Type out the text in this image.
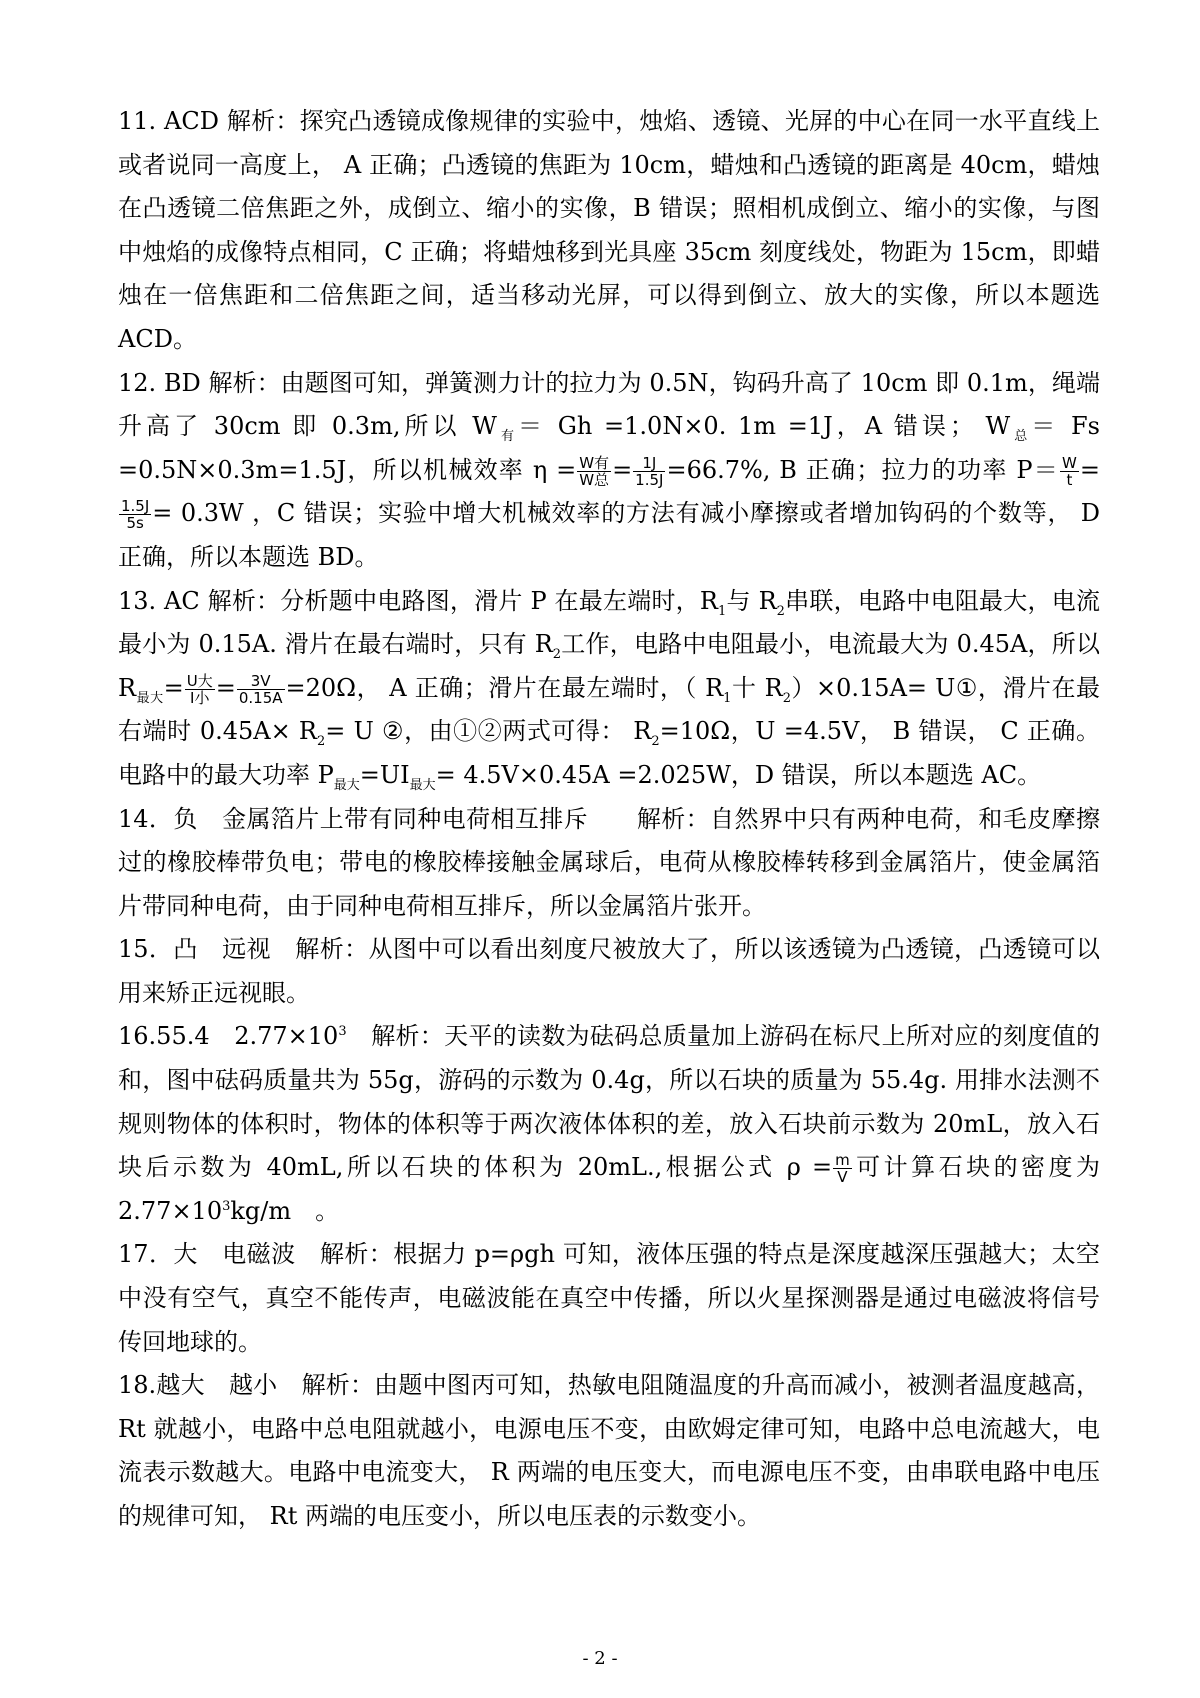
11. ACD 解析：探究凸透镜成像规律的实验中，烛焰、透镜、光屏的中心在同一水平直线上或者说同一高度上， A 正确；凸透镜的焦距为 10cm，蜡烛和凸透镜的距离是 40cm，蜡烛在凸透镜二倍焦距之外，成倒立、缩小的实像，B 错误；照相机成倒立、缩小的实像，与图中烛焰的成像特点相同，C 正确；将蜡烛移到光具座 35cm 刻度线处，物距为 15cm，即蜡烛在一倍焦距和二倍焦距之间，适当移动光屏，可以得到倒立、放大的实像，所以本题选 ACD。

12. BD 解析：由题图可知，弹簧测力计的拉力为 0.5N，钩码升高了 10cm 即 0.1m，绳端升高了 30cm 即 0.3m,所以 $W_有= Gh =1.0N\times 0$. 1m =1J，A 错误； $W_总= Fs =0.5N\times 0.3m=1.5J$，所以机械效率 $\eta = \frac{\text{W有}}{\text{W总}} = \frac{1J}{1.5J} =66.7\%$, B 正确；拉力的功率 $P= \frac{W}{t}$ =
$\frac{1.5J}{5s} = 0.3W$ ，C 错误；实验中增大机械效率的方法有减小摩擦或者增加钩码的个数等， D 正确，所以本题选 BD。

13. AC 解析：分析题中电路图，滑片 P 在最左端时，$R_1$与 $R_2$串联，电路中电阻最大，电流最小为 0.15A. 滑片在最右端时，只有 $R_2$工作，电路中电阻最小，电流最大为 0.45A，所以 $R_{最大}= \frac{\text{U大}}{\text{I小}} = \frac{3V}{0.15A} =20\Omega$， A 正确；滑片在最左端时，（ $R_1$十 $R_2)\times 0.15A=$ U①，滑片在最右端时 $0.45A\times R_2= U$ ②，由①②两式可得： $R_2=10\Omega$，U =4.5V， B 错误， C 正确。电路中的最大功率 $P_{最大}=UI_{最大}= 4.5V\times 0.45A =2.025W$，D 错误，所以本题选 AC。

14．负　金属箔片上带有同种电荷相互排斥　　解析：自然界中只有两种电荷，和毛皮摩擦过的橡胶棒带负电；带电的橡胶棒接触金属球后，电荷从橡胶棒转移到金属箔片，使金属箔片带同种电荷，由于同种电荷相互排斥，所以金属箔片张开。

15．凸　远视　解析：从图中可以看出刻度尺被放大了，所以该透镜为凸透镜，凸透镜可以用来矫正远视眼。

16.55.4　$2.77\times 10^3$　解析：天平的读数为砝码总质量加上游码在标尺上所对应的刻度值的和，图中砝码质量共为 55g，游码的示数为 0.4g，所以石块的质量为 55.4g. 用排水法测不规则物体的体积时，物体的体积等于两次液体体积的差，放入石块前示数为 20mL，放入石块后示数为 40mL,所以石块的体积为 20mL.,根据公式 $\rho = \frac{m}{V}$ 可计算石块的密度为$2.77\times 10^3kg/m$　。

17．大　电磁波　解析：根据力 p=ρgh 可知，液体压强的特点是深度越深压强越大；太空中没有空气，真空不能传声，电磁波能在真空中传播，所以火星探测器是通过电磁波将信号传回地球的。

18.越大　越小　解析：由题中图丙可知，热敏电阻随温度的升高而减小，被测者温度越高，Rt 就越小，电路中总电阻就越小，电源电压不变，由欧姆定律可知，电路中总电流越大，电流表示数越大。电路中电流变大， R 两端的电压变大，而电源电压不变，由串联电路中电压的规律可知， Rt 两端的电压变小，所以电压表的示数变小。

- 2 -
